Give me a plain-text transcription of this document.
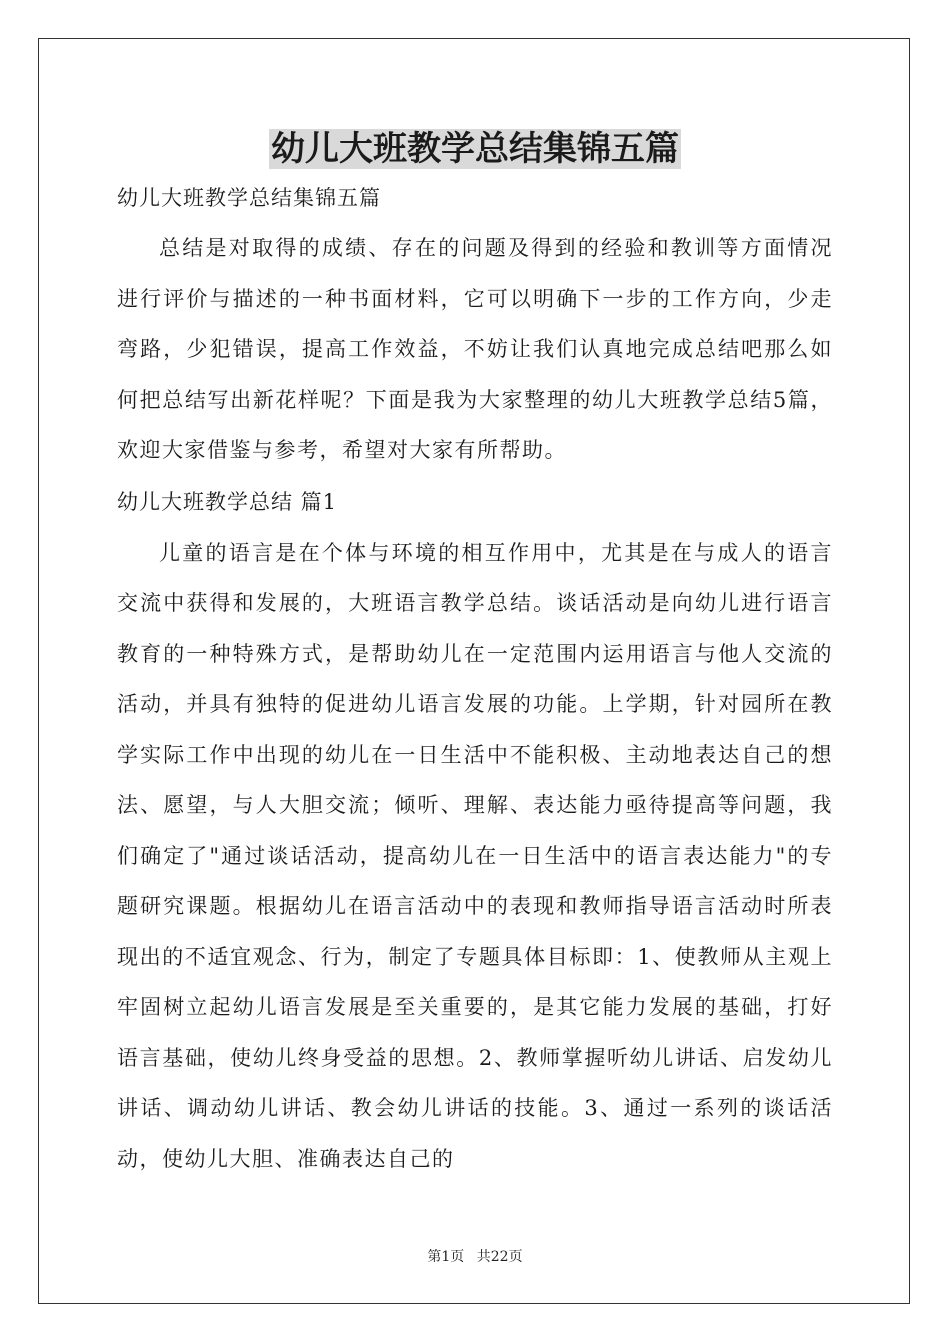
幼儿大班教学总结集锦五篇

幼儿大班教学总结集锦五篇

总结是对取得的成绩、存在的问题及得到的经验和教训等方面情况进行评价与描述的一种书面材料，它可以明确下一步的工作方向，少走弯路，少犯错误，提高工作效益，不妨让我们认真地完成总结吧那么如何把总结写出新花样呢？下面是我为大家整理的幼儿大班教学总结5篇，欢迎大家借鉴与参考，希望对大家有所帮助。

幼儿大班教学总结 篇1

儿童的语言是在个体与环境的相互作用中，尤其是在与成人的语言交流中获得和发展的，大班语言教学总结。谈话活动是向幼儿进行语言教育的一种特殊方式，是帮助幼儿在一定范围内运用语言与他人交流的活动，并具有独特的促进幼儿语言发展的功能。上学期，针对园所在教学实际工作中出现的幼儿在一日生活中不能积极、主动地表达自己的想法、愿望，与人大胆交流；倾听、理解、表达能力亟待提高等问题，我们确定了"通过谈话活动，提高幼儿在一日生活中的语言表达能力"的专题研究课题。根据幼儿在语言活动中的表现和教师指导语言活动时所表现出的不适宜观念、行为，制定了专题具体目标即：1、使教师从主观上牢固树立起幼儿语言发展是至关重要的，是其它能力发展的基础，打好语言基础，使幼儿终身受益的思想。2、教师掌握听幼儿讲话、启发幼儿讲话、调动幼儿讲话、教会幼儿讲话的技能。3、通过一系列的谈话活动，使幼儿大胆、准确表达自己的

第1页 共22页
